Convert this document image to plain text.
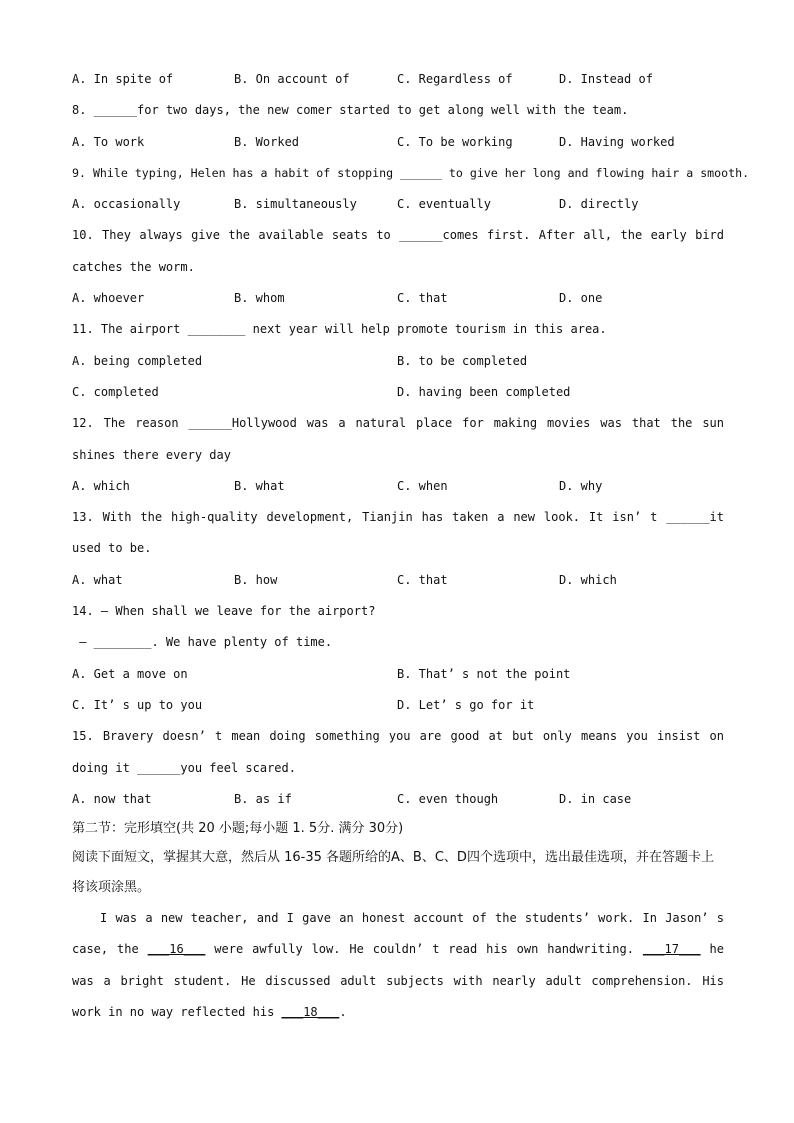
A. In spite of	B. On account of	C. Regardless of	D. Instead of
8. ______for two days, the new comer started to get along well with the team.
A. To work	B. Worked	C. To be working	D. Having worked
9. While typing, Helen has a habit of stopping ______ to give her long and flowing hair a smooth.
A. occasionally	B. simultaneously	C. eventually	D. directly
10. They always give the available seats to ______comes first. After all, the early bird catches the worm.
A. whoever	B. whom	C. that	D. one
11. The airport ________ next year will help promote tourism in this area.
A. being completed	B. to be completed
C. completed	D. having been completed
12. The reason ______Hollywood was a natural place for making movies was that the sun shines there every day
A. which	B. what	C. when	D. why
13. With the high-quality development, Tianjin has taken a new look. It isn’ t ______it used to be.
A. what	B. how	C. that	D. which
14. – When shall we leave for the airport?
– ________. We have plenty of time.
A. Get a move on	B. That’ s not the point
C. It’ s up to you	D. Let’ s go for it
15. Bravery doesn’ t mean doing something you are good at but only means you insist on doing it ______you feel scared.
A. now that	B. as if	C. even though	D. in case
第二节：完形填空(共 20 小题;每小题 1. 5分. 满分 30分)
阅读下面短文，掌握其大意，然后从 16-35 各题所给的A、B、C、D四个选项中，选出最佳选项，并在答题卡上将该项涂黑。
I was a new teacher, and I gave an honest account of the students’ work. In Jason’ s case, the ___16___ were awfully low. He couldn’ t read his own handwriting. ___17___ he was a bright student. He discussed adult subjects with nearly adult comprehension. His work in no way reflected his ___18___.
